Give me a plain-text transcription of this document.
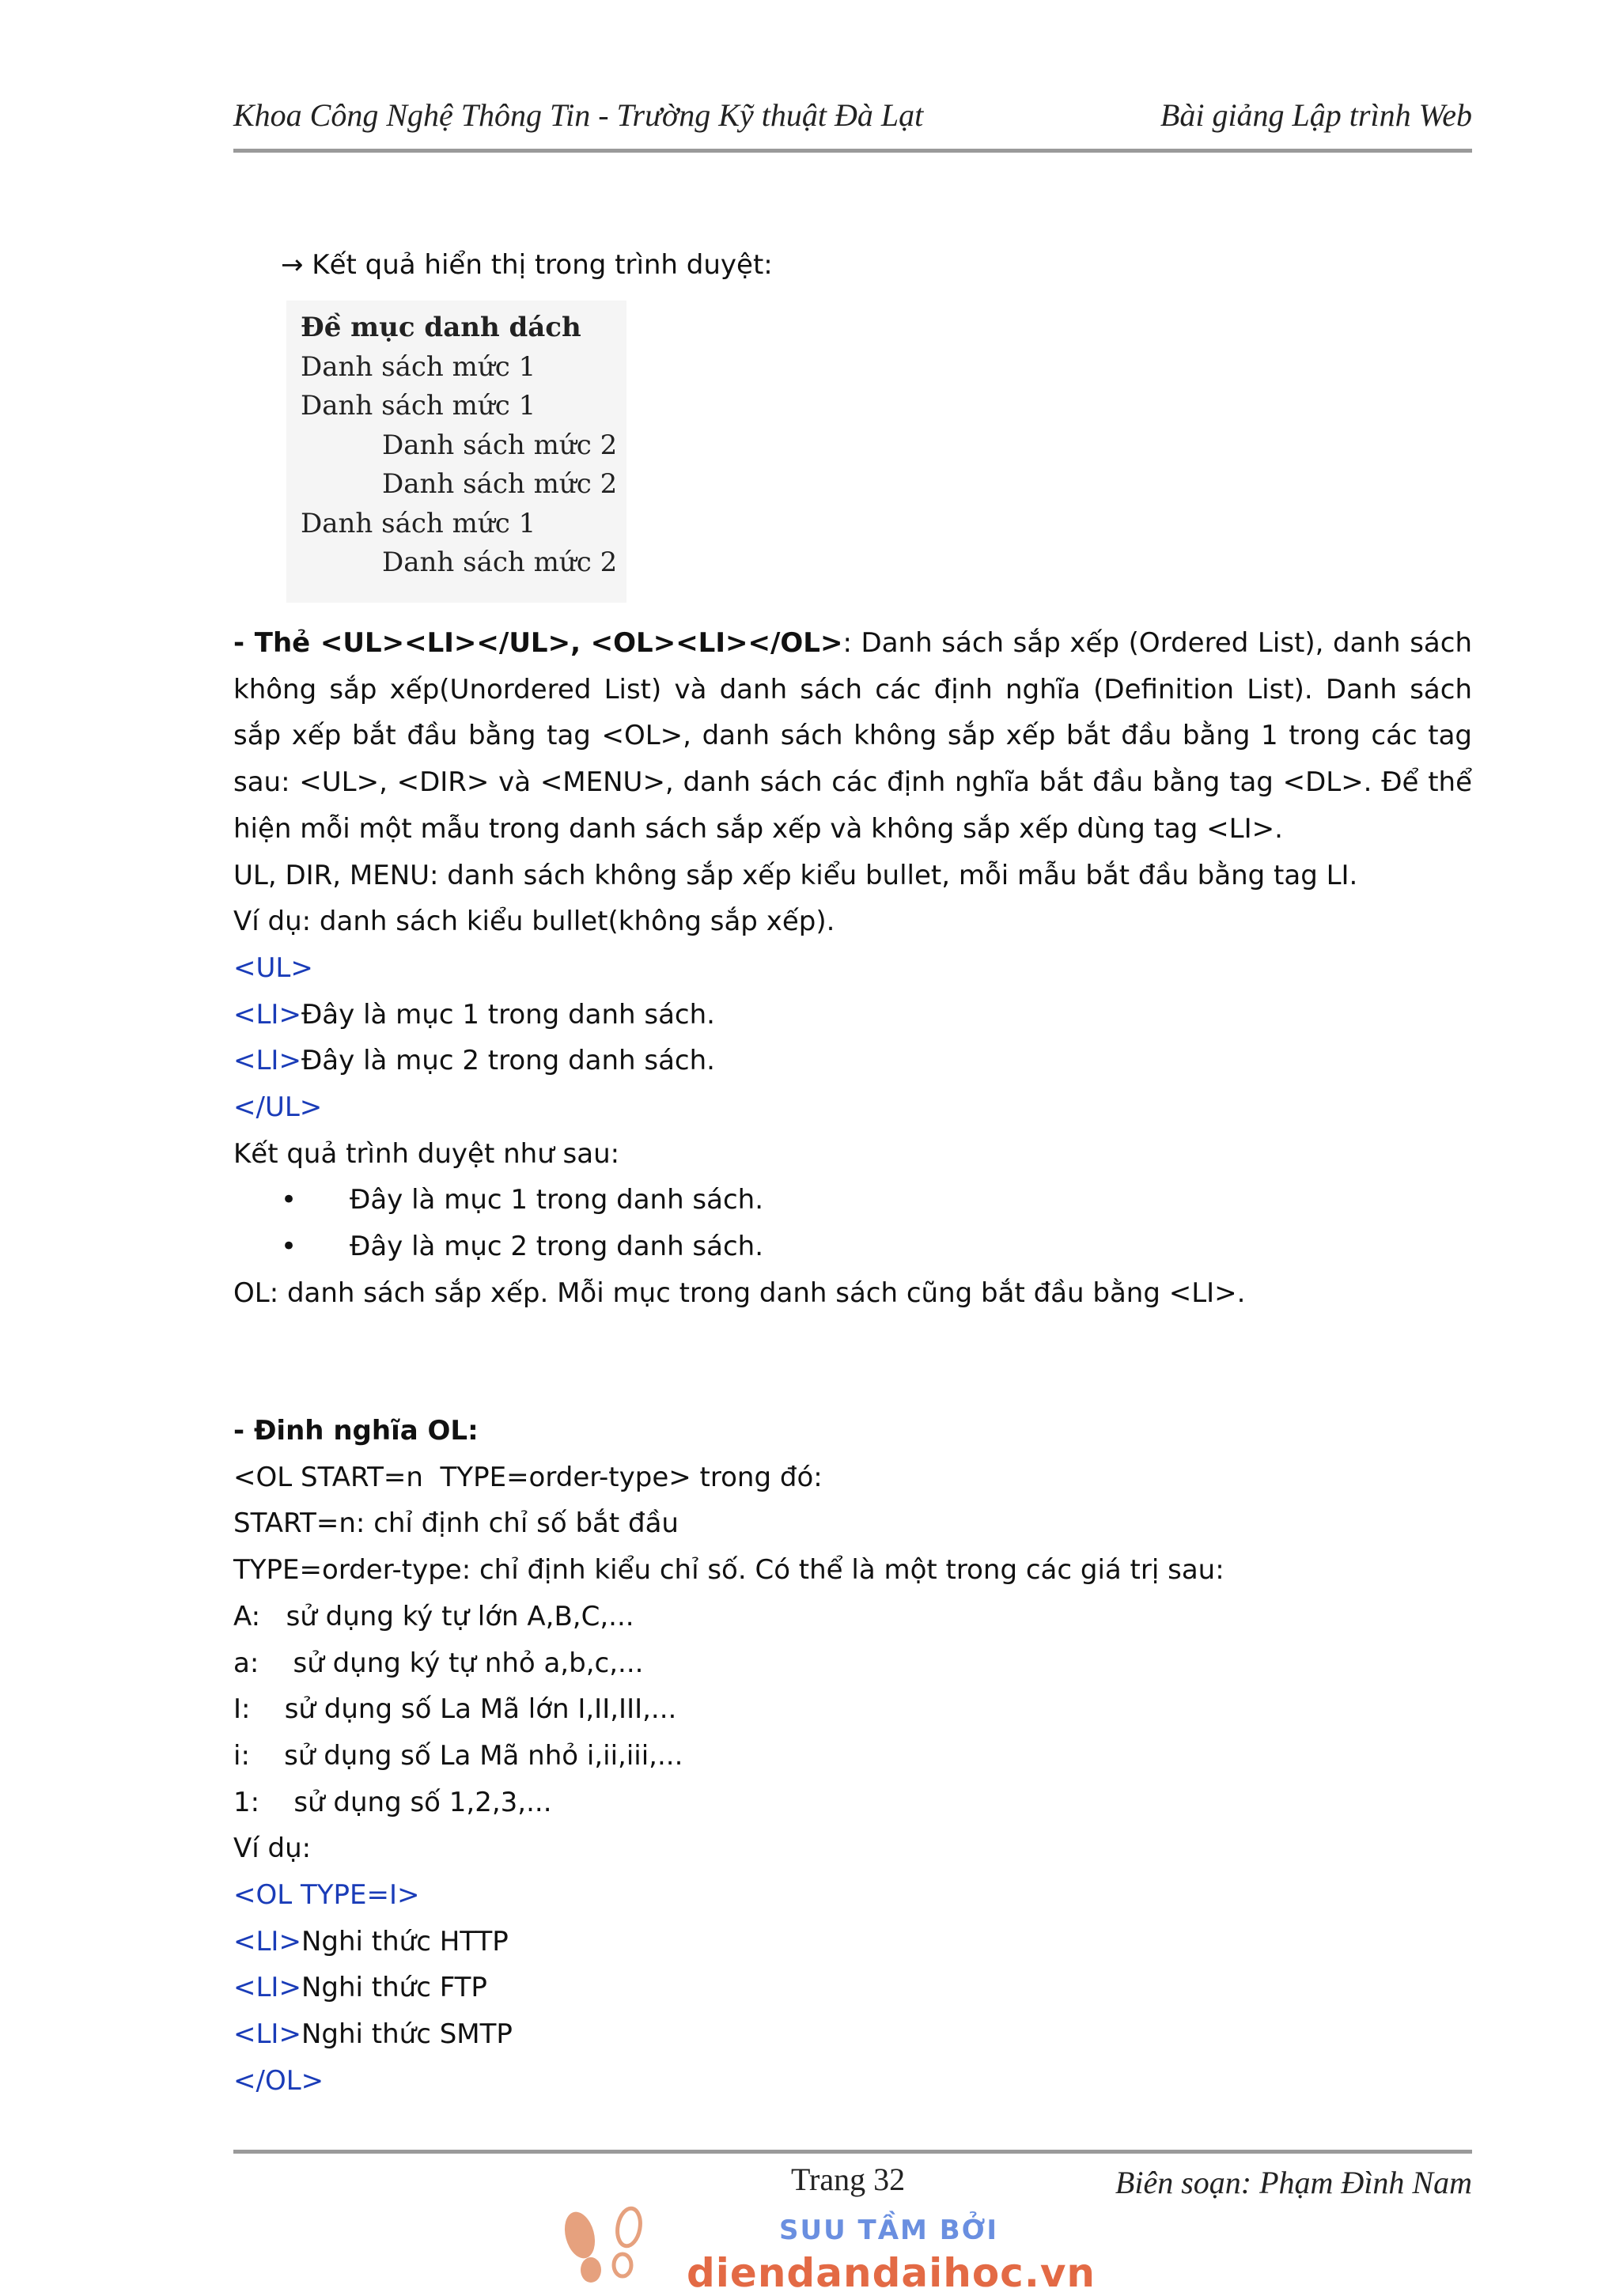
Khoa Công Nghệ Thông Tin - Trường Kỹ thuật Đà Lạt	Bài giảng Lập trình Web
→ Kết quả hiển thị trong trình duyệt:
Đề mục danh dách
Danh sách mức 1
Danh sách mức 1
Danh sách mức 2
Danh sách mức 2
Danh sách mức 1
Danh sách mức 2
- Thẻ <UL><LI></UL>, <OL><LI></OL>: Danh sách sắp xếp (Ordered List), danh sách không sắp xếp(Unordered List) và danh sách các định nghĩa (Definition List). Danh sách sắp xếp bắt đầu bằng tag <OL>, danh sách không sắp xếp bắt đầu bằng 1 trong các tag sau: <UL>, <DIR> và <MENU>, danh sách các định nghĩa bắt đầu bằng tag <DL>. Để thể hiện mỗi một mẫu trong danh sách sắp xếp và không sắp xếp dùng tag <LI>.
UL, DIR, MENU: danh sách không sắp xếp kiểu bullet, mỗi mẫu bắt đầu bằng tag LI.
Ví dụ: danh sách kiểu bullet(không sắp xếp).
<UL>
<LI>Đây là mục 1 trong danh sách.
<LI>Đây là mục 2 trong danh sách.
</UL>
Kết quả trình duyệt như sau:
• Đây là mục 1 trong danh sách.
• Đây là mục 2 trong danh sách.
OL: danh sách sắp xếp. Mỗi mục trong danh sách cũng bắt đầu bằng <LI>.
- Đinh nghĩa OL:
<OL START=n  TYPE=order-type> trong đó:
START=n: chỉ định chỉ số bắt đầu
TYPE=order-type: chỉ định kiểu chỉ số. Có thể là một trong các giá trị sau:
A: sử dụng ký tự lớn A,B,C,...
a: sử dụng ký tự nhỏ a,b,c,...
I: sử dụng số La Mã lớn I,II,III,...
i: sử dụng số La Mã nhỏ i,ii,iii,...
1: sử dụng số 1,2,3,...
Ví dụ:
<OL TYPE=I>
<LI>Nghi thức HTTP
<LI>Nghi thức FTP
<LI>Nghi thức SMTP
</OL>
Trang 32	Biên soạn: Phạm Đình Nam
SUU TẦM BỞI
diendandaihoc.vn
